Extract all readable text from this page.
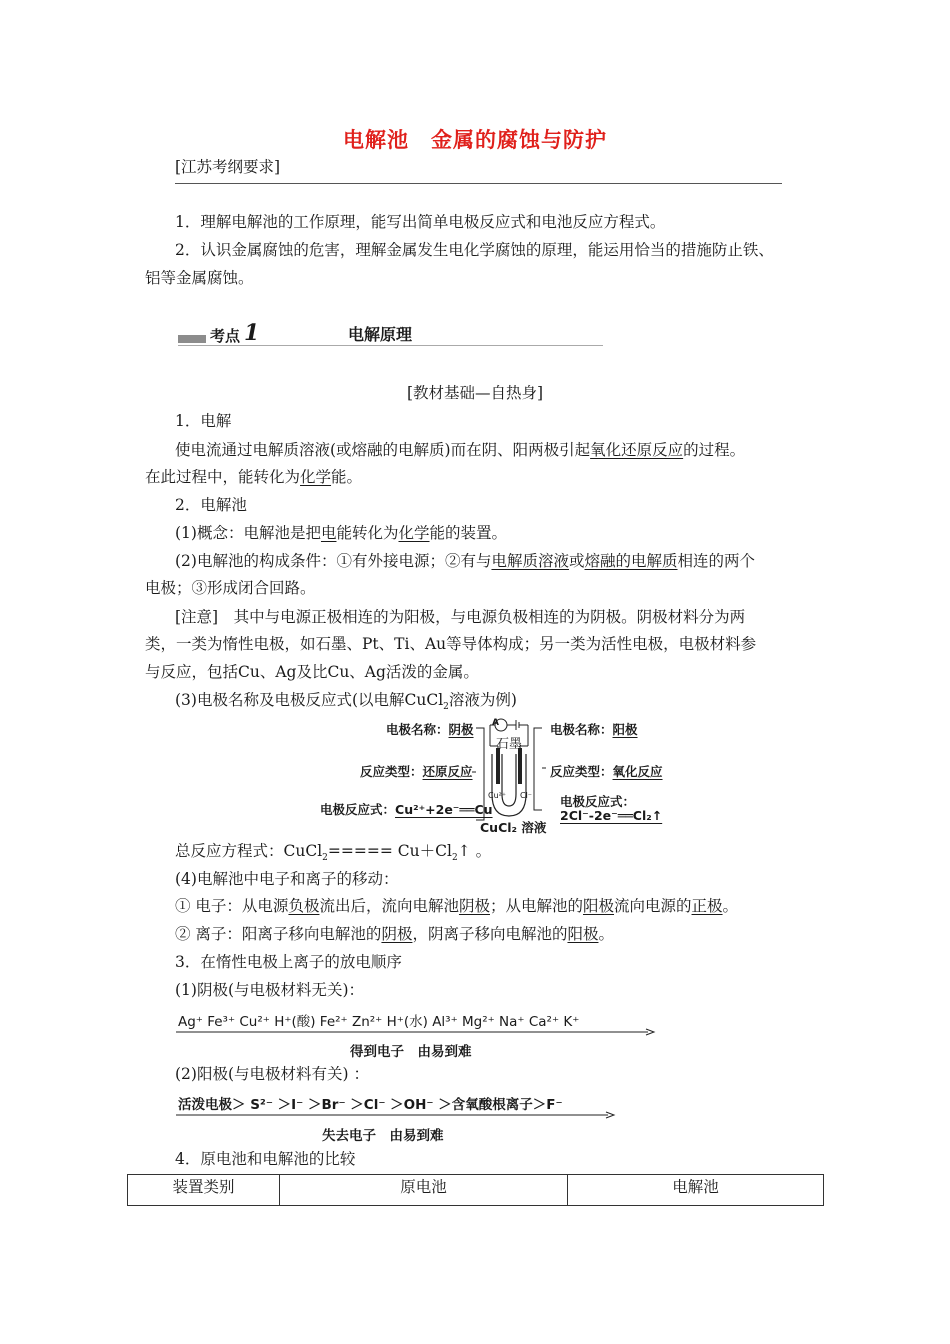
电解池　金属的腐蚀与防护
[江苏考纲要求]
1．理解电解池的工作原理，能写出简单电极反应式和电池反应方程式。
2．认识金属腐蚀的危害，理解金属发生电化学腐蚀的原理，能运用恰当的措施防止铁、
铝等金属腐蚀。
考点 1	电解原理
[教材基础—自热身]
1．电解
使电流通过电解质溶液(或熔融的电解质)而在阴、阳两极引起氧化还原反应的过程。
在此过程中，能转化为化学能。
2．电解池
(1)概念：电解池是把电能转化为化学能的装置。
(2)电解池的构成条件：①有外接电源；②有与电解质溶液或熔融的电解质相连的两个
电极；③形成闭合回路。
[注意]　其中与电源正极相连的为阳极，与电源负极相连的为阴极。阴极材料分为两
类，一类为惰性电极，如石墨、Pt、Ti、Au等导体构成；另一类为活性电极，电极材料参
与反应，包括Cu、Ag及比Cu、Ag活泼的金属。
(3)电极名称及电极反应式(以电解CuCl$_2$溶液为例)
电极名称：阴极
反应类型：还原反应
电极反应式：Cu²⁺+2e⁻══Cu
A
石墨
Cu²⁺ Cl⁻
CuCl₂ 溶液
电极名称：阳极
反应类型：氧化反应
电极反应式：
2Cl⁻-2e⁻══Cl₂↑
总反应方程式：CuCl$_2$===== $Cu+Cl_2↑$ 。
(4)电解池中电子和离子的移动：
① 电子：从电源负极流出后，流向电解池阴极；从电解池的阳极流向电源的正极。
② 离子：阳离子移向电解池的阴极，阴离子移向电解池的阳极。
3．在惰性电极上离子的放电顺序
(1)阴极(与电极材料无关)：
Ag⁺ Fe³⁺ Cu²⁺ H⁺(酸) Fe²⁺ Zn²⁺ H⁺(水) Al³⁺ Mg²⁺ Na⁺ Ca²⁺ K⁺
得到电子　由易到难
(2)阳极(与电极材料有关) ：
活泼电极＞ S²⁻ ＞I⁻ ＞Br⁻ ＞Cl⁻ ＞OH⁻ ＞含氧酸根离子＞F⁻
失去电子　由易到难
4．原电池和电解池的比较
装置类别	原电池	电解池
